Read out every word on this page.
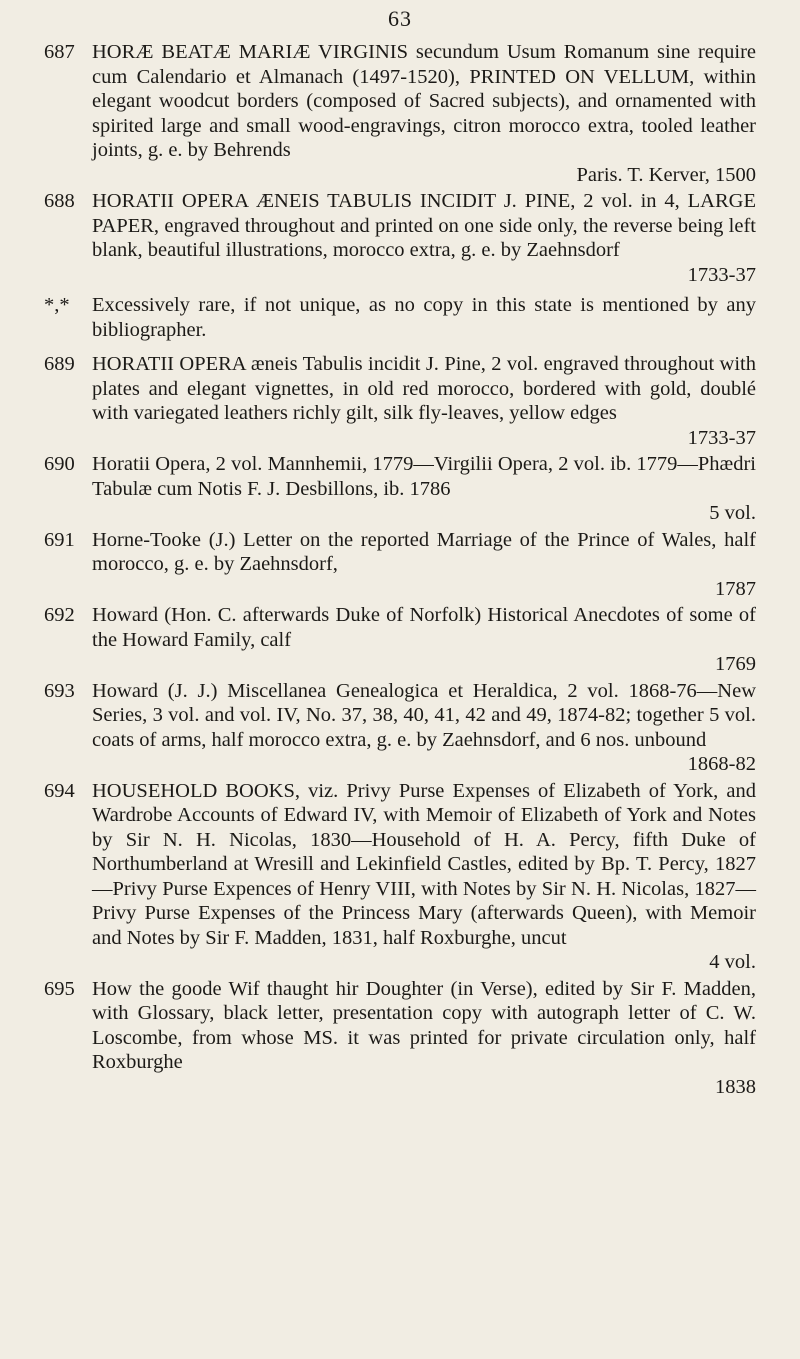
63
687 HORÆ BEATÆ MARIÆ VIRGINIS secundum Usum Romanum sine require cum Calendario et Almanach (1497-1520), PRINTED ON VELLUM, within elegant woodcut borders (composed of Sacred subjects), and ornamented with spirited large and small wood-engravings, citron morocco extra, tooled leather joints, g. e. by Behrends
Paris. T. Kerver, 1500
688 HORATII OPERA ÆNEIS TABULIS INCIDIT J. PINE, 2 vol. in 4, LARGE PAPER, engraved throughout and printed on one side only, the reverse being left blank, beautiful illustrations, morocco extra, g. e. by Zaehnsdorf
1733-37
*,*	Excessively rare, if not unique, as no copy in this state is mentioned by any bibliographer.
689 HORATII OPERA æneis Tabulis incidit J. Pine, 2 vol. engraved throughout with plates and elegant vignettes, in old red morocco, bordered with gold, doublé with variegated leathers richly gilt, silk fly-leaves, yellow edges
1733-37
690 Horatii Opera, 2 vol. Mannhemii, 1779—Virgilii Opera, 2 vol. ib. 1779—Phædri Tabulæ cum Notis F. J. Desbillons, ib. 1786
5 vol.
691 Horne-Tooke (J.) Letter on the reported Marriage of the Prince of Wales, half morocco, g. e. by Zaehnsdorf,
1787
692 Howard (Hon. C. afterwards Duke of Norfolk) Historical Anecdotes of some of the Howard Family, calf
1769
693 Howard (J. J.) Miscellanea Genealogica et Heraldica, 2 vol. 1868-76—New Series, 3 vol. and vol. IV, No. 37, 38, 40, 41, 42 and 49, 1874-82; together 5 vol. coats of arms, half morocco extra, g. e. by Zaehnsdorf, and 6 nos. unbound
1868-82
694 HOUSEHOLD BOOKS, viz. Privy Purse Expenses of Elizabeth of York, and Wardrobe Accounts of Edward IV, with Memoir of Elizabeth of York and Notes by Sir N. H. Nicolas, 1830—Household of H. A. Percy, fifth Duke of Northumberland at Wresill and Lekinfield Castles, edited by Bp. T. Percy, 1827—Privy Purse Expences of Henry VIII, with Notes by Sir N. H. Nicolas, 1827—Privy Purse Expenses of the Princess Mary (afterwards Queen), with Memoir and Notes by Sir F. Madden, 1831, half Roxburghe, uncut
4 vol.
695 How the goode Wif thaught hir Doughter (in Verse), edited by Sir F. Madden, with Glossary, black letter, presentation copy with autograph letter of C. W. Loscombe, from whose MS. it was printed for private circulation only, half Roxburghe
1838
